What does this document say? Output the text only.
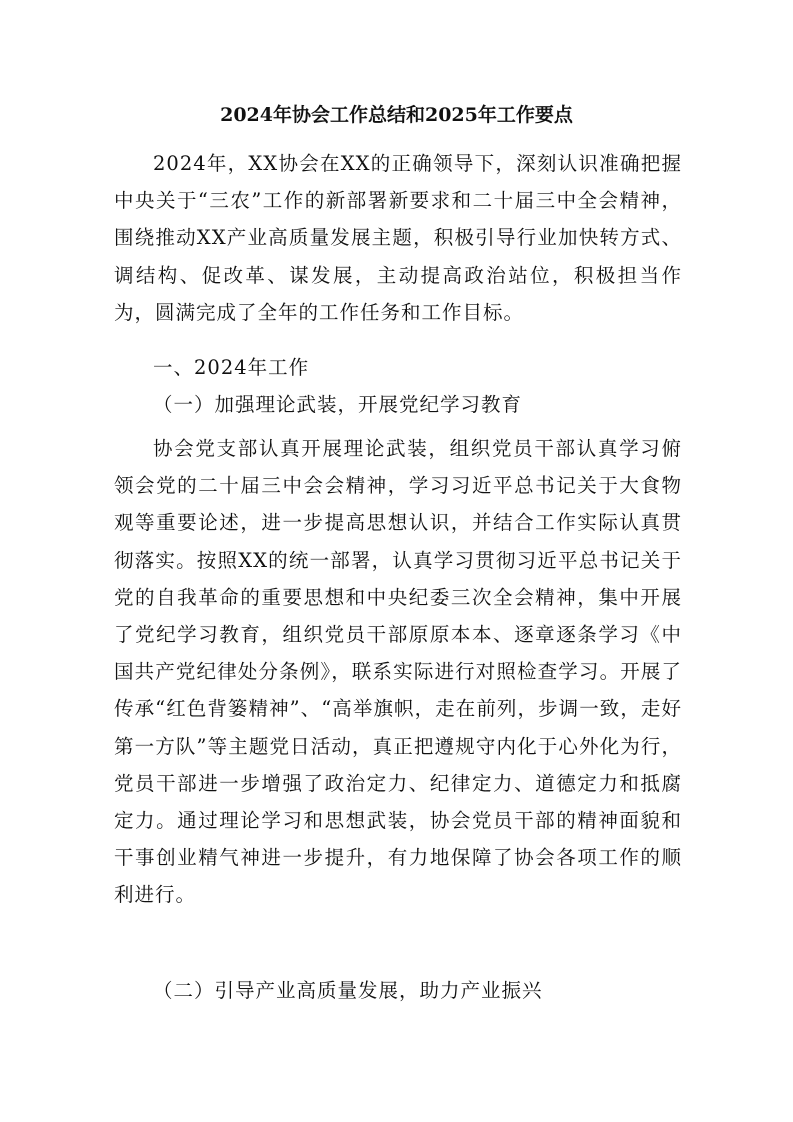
2024年协会工作总结和2025年工作要点

2024年，XX协会在XX的正确领导下，深刻认识准确把握中央关于“三农”工作的新部署新要求和二十届三中全会精神，围绕推动XX产业高质量发展主题，积极引导行业加快转方式、调结构、促改革、谋发展，主动提高政治站位，积极担当作为，圆满完成了全年的工作任务和工作目标。

一、2024年工作

（一）加强理论武装，开展党纪学习教育

协会党支部认真开展理论武装，组织党员干部认真学习俯领会党的二十届三中会会精神，学习习近平总书记关于大食物观等重要论述，进一步提高思想认识，并结合工作实际认真贯彻落实。按照XX的统一部署，认真学习贯彻习近平总书记关于党的自我革命的重要思想和中央纪委三次全会精神，集中开展了党纪学习教育，组织党员干部原原本本、逐章逐条学习《中国共产党纪律处分条例》，联系实际进行对照检查学习。开展了传承“红色背篓精神”、“高举旗帜，走在前列，步调一致，走好第一方队”等主题党日活动，真正把遵规守内化于心外化为行，党员干部进一步增强了政治定力、纪律定力、道德定力和抵腐定力。通过理论学习和思想武装，协会党员干部的精神面貌和干事创业精气神进一步提升，有力地保障了协会各项工作的顺利进行。

（二）引导产业高质量发展，助力产业振兴
